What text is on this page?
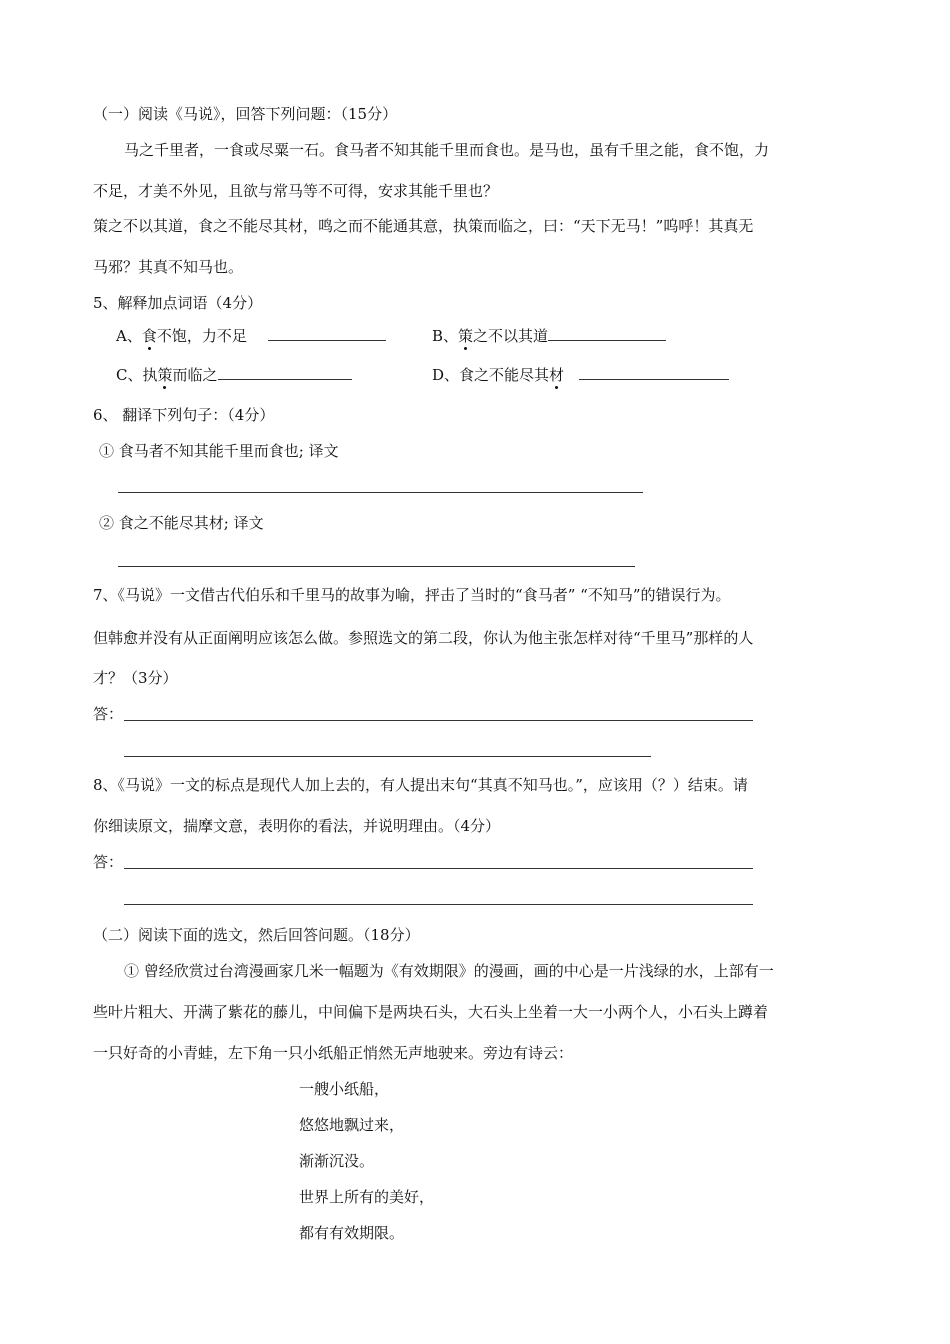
（一）阅读《马说》，回答下列问题：（15分）
马之千里者，一食或尽粟一石。食马者不知其能千里而食也。是马也，虽有千里之能，食不饱，力
不足，才美不外见，且欲与常马等不可得，安求其能千里也？
策之不以其道，食之不能尽其材，鸣之而不能通其意，执策而临之，曰：“天下无马！”呜呼！其真无
马邪？其真不知马也。
5、解释加点词语（4分）
A、食不饱，力不足	B、策之不以其道
C、执策而临之	D、食之不能尽其材
6、 翻译下列句子：（4分）
① 食马者不知其能千里而食也; 译文
② 食之不能尽其材; 译文
7、《马说》一文借古代伯乐和千里马的故事为喻，抨击了当时的“食马者” “不知马”的错误行为。
但韩愈并没有从正面阐明应该怎么做。参照选文的第二段，你认为他主张怎样对待“千里马”那样的人
才？（3分）
答：
8、《马说》一文的标点是现代人加上去的，有人提出末句“其真不知马也。”，应该用（？）结束。请
你细读原文，揣摩文意，表明你的看法，并说明理由。（4分）
答：
（二）阅读下面的选文，然后回答问题。（18分）
① 曾经欣赏过台湾漫画家几米一幅题为《有效期限》的漫画，画的中心是一片浅绿的水，上部有一
些叶片粗大、开满了紫花的藤儿，中间偏下是两块石头，大石头上坐着一大一小两个人，小石头上蹲着
一只好奇的小青蛙，左下角一只小纸船正悄然无声地驶来。旁边有诗云：
一艘小纸船，
悠悠地飘过来，
渐渐沉没。
世界上所有的美好，
都有有效期限。
